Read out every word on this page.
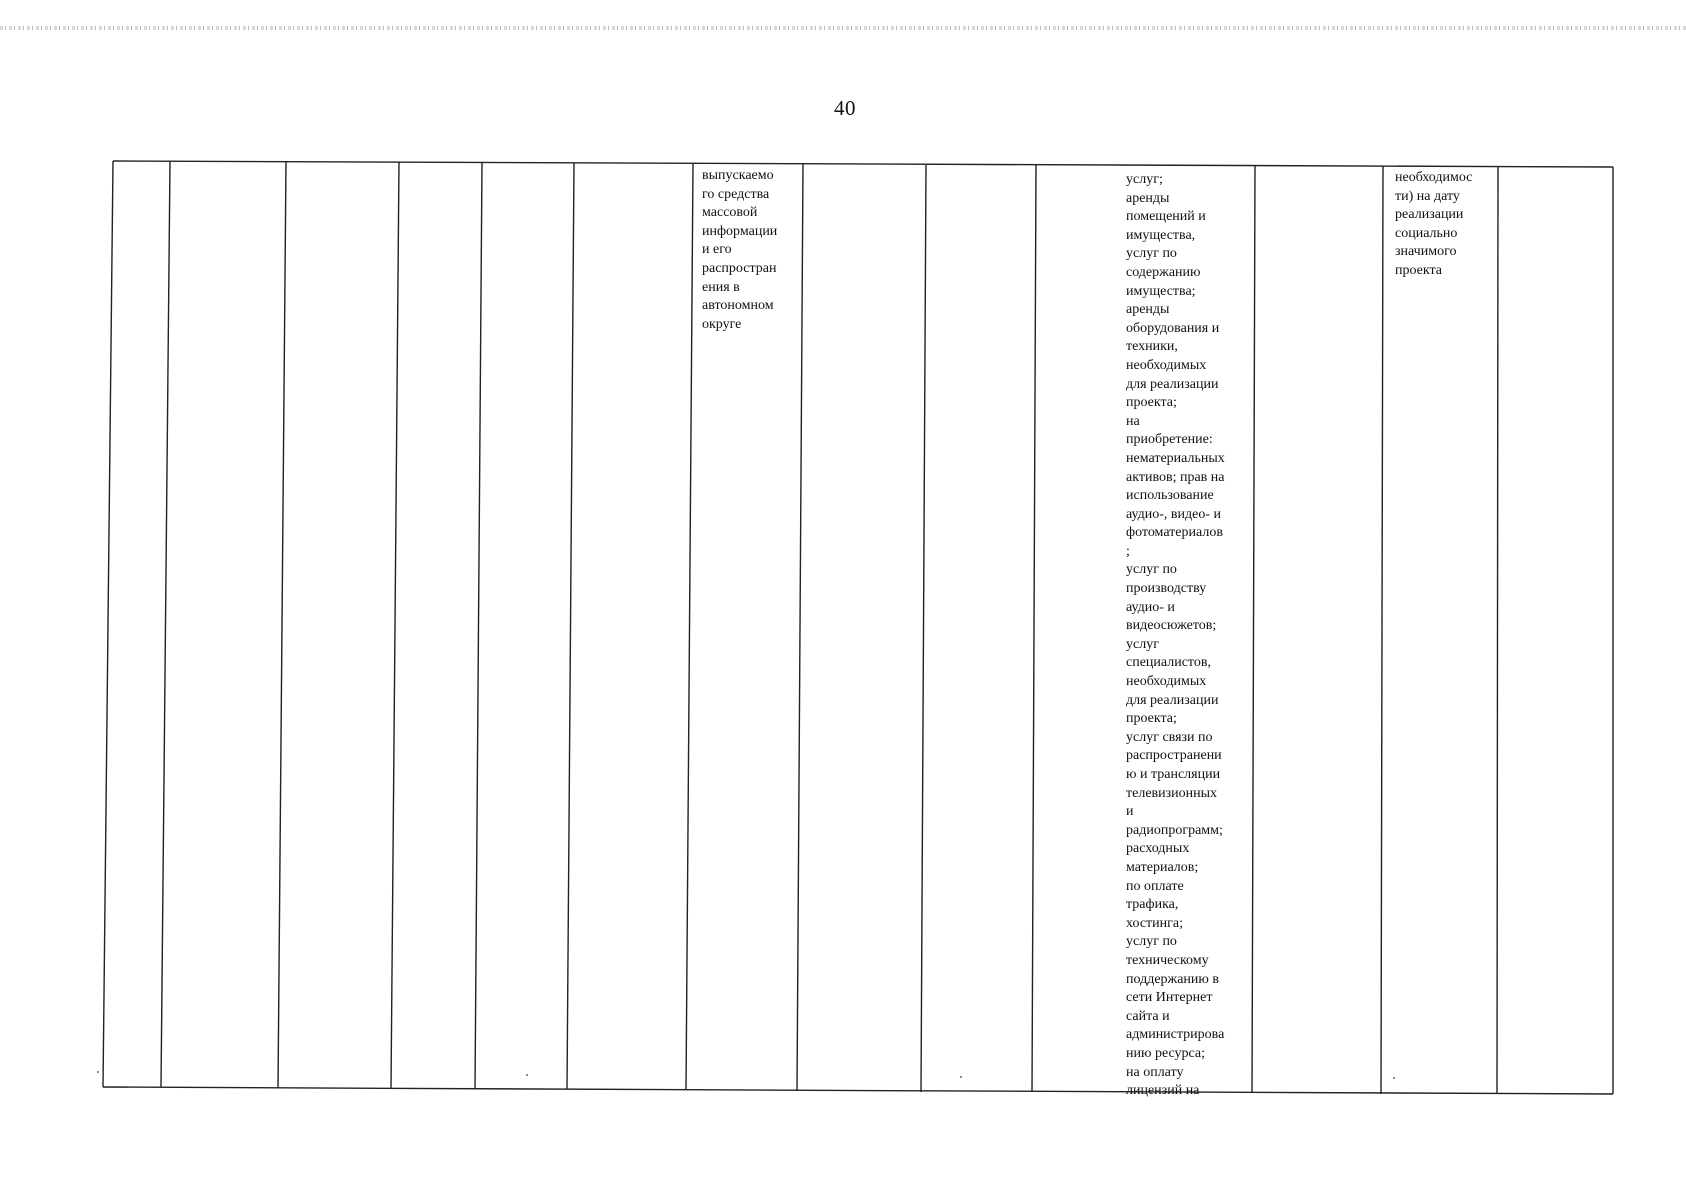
40
выпускаемо
го средства
массовой
информации
и его
распростран
ения в
автономном
округе
услуг;
аренды
помещений и
имущества,
услуг по
содержанию
имущества;
аренды
оборудования и
техники,
необходимых
для реализации
проекта;
на
приобретение:
нематериальных
активов; прав на
использование
аудио-, видео- и
фотоматериалов
;
услуг по
производству
аудио- и
видеосюжетов;
услуг
специалистов,
необходимых
для реализации
проекта;
услуг связи по
распространени
ю и трансляции
телевизионных
и
радиопрограмм;
расходных
материалов;
по оплате
трафика,
хостинга;
услуг по
техническому
поддержанию в
сети Интернет
сайта и
администрирова
нию ресурса;
на оплату
лицензий на
необходимос
ти) на дату
реализации
социально
значимого
проекта
